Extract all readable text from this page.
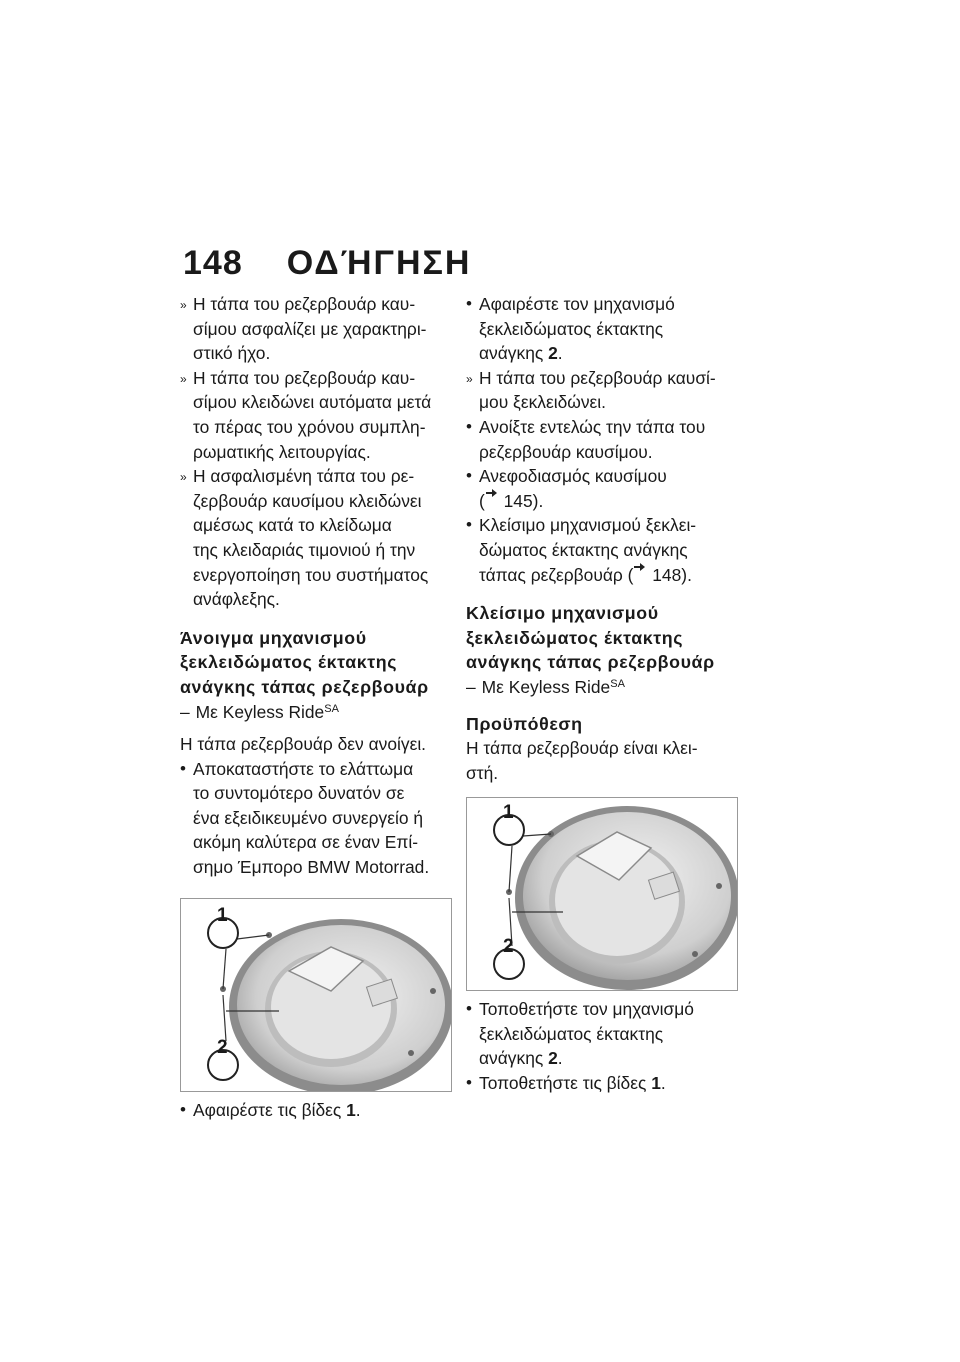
148 ΟΔΉΓΗΣΗ
» Η τάπα του ρεζερβουάρ καυ-
σίμου ασφαλίζει με χαρακτηρι-
στικό ήχο.
» Η τάπα του ρεζερβουάρ καυ-
σίμου κλειδώνει αυτόματα μετά
το πέρας του χρόνου συμπλη-
ρωματικής λειτουργίας.
» Η ασφαλισμένη τάπα του ρε-
ζερβουάρ καυσίμου κλειδώνει
αμέσως κατά το κλείδωμα
της κλειδαριάς τιμονιού ή την
ενεργοποίηση του συστήματος
ανάφλεξης.
Άνοιγμα μηχανισμού
ξεκλειδώματος έκτακτης
ανάγκης τάπας ρεζερβουάρ
– Με Keyless Ride$^{SA}$

Η τάπα ρεζερβουάρ δεν ανοίγει.

• Αποκαταστήστε το ελάττωμα
το συντομότερο δυνατόν σε
ένα εξειδικευμένο συνεργείο ή
ακόμη καλύτερα σε έναν Επί-
σημο Έμπορο BMW Motorrad.
1
2
• Αφαιρέστε τις βίδες 1.
• Αφαιρέστε τον μηχανισμό
ξεκλειδώματος έκτακτης
ανάγκης 2.
» Η τάπα του ρεζερβουάρ καυσί-
μου ξεκλειδώνει.
• Ανοίξτε εντελώς την τάπα του
ρεζερβουάρ καυσίμου.
• Ανεφοδιασμός καυσίμου
( 145).
• Κλείσιμο μηχανισμού ξεκλει-
δώματος έκτακτης ανάγκης
τάπας ρεζερβουάρ ( 148).
Κλείσιμο μηχανισμού
ξεκλειδώματος έκτακτης
ανάγκης τάπας ρεζερβουάρ
– Με Keyless Ride$^{SA}$
Προϋπόθεση
Η τάπα ρεζερβουάρ είναι κλει-
στή.
1
2
• Τοποθετήστε τον μηχανισμό
ξεκλειδώματος έκτακτης
ανάγκης 2.
• Τοποθετήστε τις βίδες 1.
